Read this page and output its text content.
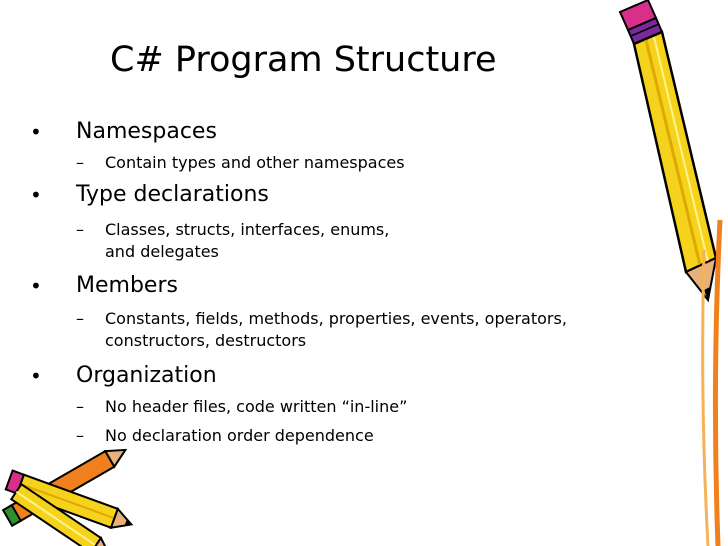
C# Program Structure
• Namespaces
– Contain types and other namespaces
• Type declarations
– Classes, structs, interfaces, enums,
and delegates
• Members
– Constants, fields, methods, properties, events, operators,
constructors, destructors
• Organization
– No header files, code written “in-line”
– No declaration order dependence
